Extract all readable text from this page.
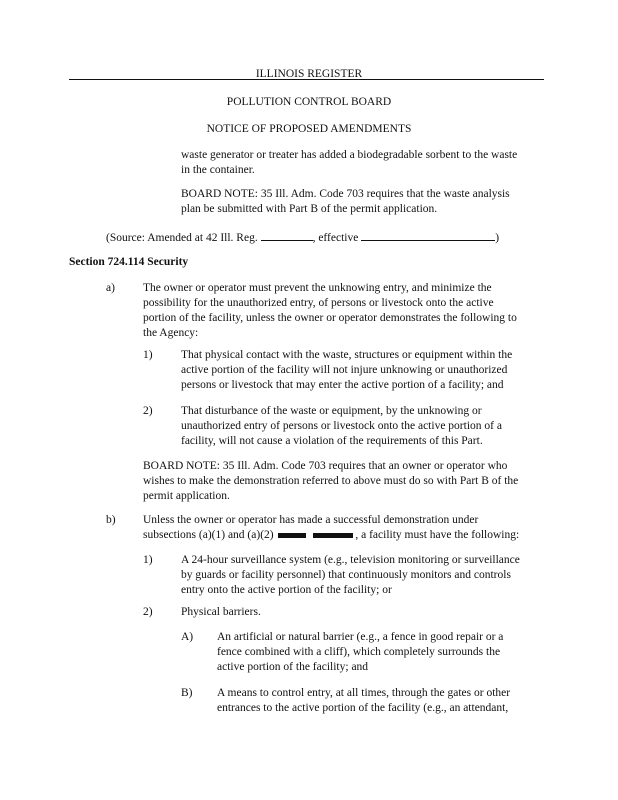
ILLINOIS REGISTER
POLLUTION CONTROL BOARD
NOTICE OF PROPOSED AMENDMENTS
waste generator or treater has added a biodegradable sorbent to the waste
in the container.
BOARD NOTE: 35 Ill. Adm. Code 703 requires that the waste analysis
plan be submitted with Part B of the permit application.
(Source: Amended at 42 Ill. Reg.	, effective	)
Section 724.114 Security
a) The owner or operator must prevent the unknowing entry, and minimize the
possibility for the unauthorized entry, of persons or livestock onto the active
portion of the facility, unless the owner or operator demonstrates the following to
the Agency:
1) That physical contact with the waste, structures or equipment within the
active portion of the facility will not injure unknowing or unauthorized
persons or livestock that may enter the active portion of a facility; and
2) That disturbance of the waste or equipment, by the unknowing or
unauthorized entry of persons or livestock onto the active portion of a
facility, will not cause a violation of the requirements of this Part.
BOARD NOTE: 35 Ill. Adm. Code 703 requires that an owner or operator who
wishes to make the demonstration referred to above must do so with Part B of the
permit application.
b) Unless the owner or operator has made a successful demonstration under
subsections (a)(1) and (a)(2)	, a facility must have the following:
1) A 24-hour surveillance system (e.g., television monitoring or surveillance
by guards or facility personnel) that continuously monitors and controls
entry onto the active portion of the facility; or
2) Physical barriers.
A) An artificial or natural barrier (e.g., a fence in good repair or a
fence combined with a cliff), which completely surrounds the
active portion of the facility; and
B) A means to control entry, at all times, through the gates or other
entrances to the active portion of the facility (e.g., an attendant,
